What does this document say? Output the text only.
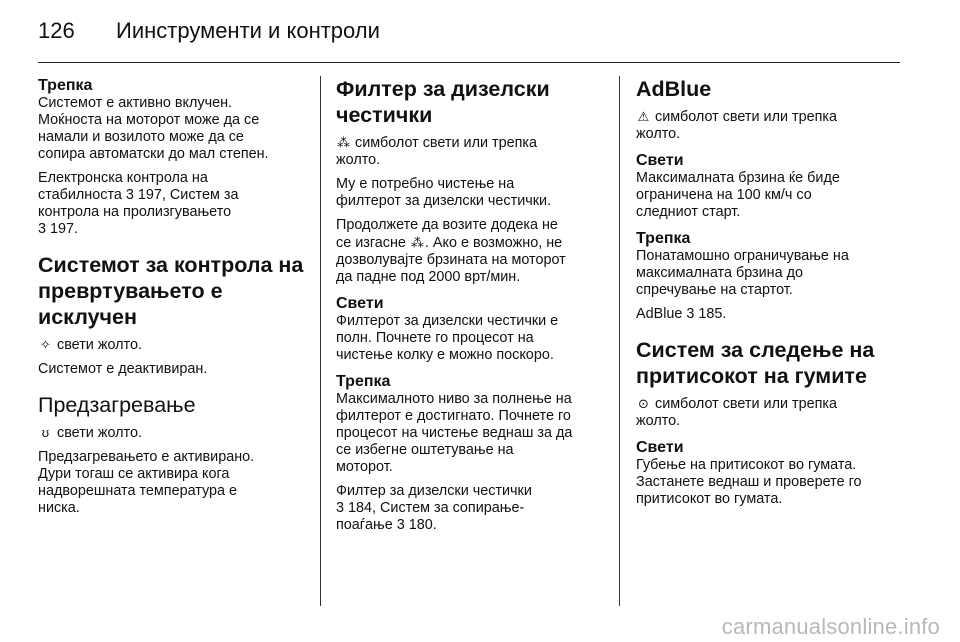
126	Иинструменти и контроли
Трепка

Системот е активно вклучен.
Моќноста на моторот може да се
намали и возилото може да се
сопира автоматски до мал степен.

Електронска контрола на
стабилноста 3 197, Систем за
контрола на пролизгувањето
3 197.

Системот за контрола на
превртувањето е
исклучен

✧ свети жолто.

Системот е деактивиран.

Предзагревање

ʊ свети жолто.

Предзагревањето е активирано.
Дури тогаш се активира кога
надворешната температура е
ниска.

Филтер за дизелски
честички

⁂ симболот свети или трепка
жолто.

Му е потребно чистење на
филтерот за дизелски честички.

Продолжете да возите додека не
се изгасне ⁂. Ако е возможно, не
дозволувајте брзината на моторот
да падне под 2000 врт/мин.

Свети

Филтерот за дизелски честички е
полн. Почнете го процесот на
чистење колку е можно поскоро.

Трепка

Максималното ниво за полнење на
филтерот е достигнато. Почнете го
процесот на чистење веднаш за да
се избегне оштетување на
моторот.

Филтер за дизелски честички
3 184, Систем за сопирање-
поаѓање 3 180.

AdBlue

⚠ симболот свети или трепка
жолто.

Свети

Максималната брзина ќе биде
ограничена на 100 км/ч со
следниот старт.

Трепка

Понатамошно ограничување на
максималната брзина до
спречување на стартот.

AdBlue 3 185.

Систем за следење на
притисокот на гумите

⊙ симболот свети или трепка
жолто.

Свети

Губење на притисокот во гумата.
Застанете веднаш и проверете го
притисокот во гумата.

carmanualsonline.info
